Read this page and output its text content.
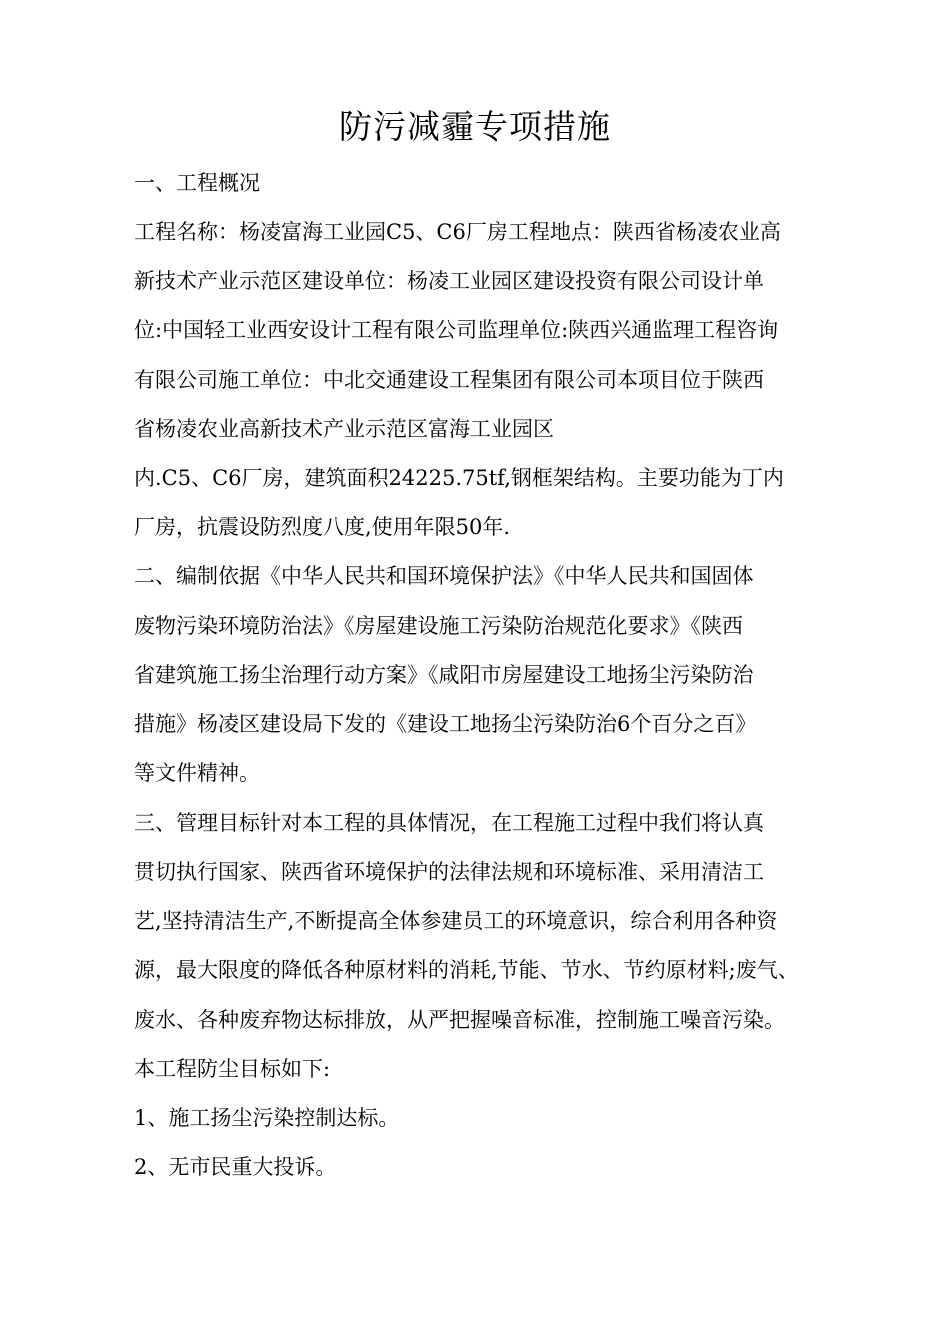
防污减霾专项措施
一、工程概况
工程名称：杨凌富海工业园C5、C6厂房工程地点：陕西省杨凌农业高
新技术产业示范区建设单位：杨凌工业园区建设投资有限公司设计单
位:中国轻工业西安设计工程有限公司监理单位:陕西兴通监理工程咨询
有限公司施工单位：中北交通建设工程集团有限公司本项目位于陕西
省杨凌农业高新技术产业示范区富海工业园区
内.C5、C6厂房，建筑面积24225.75tf,钢框架结构。主要功能为丁内
厂房，抗震设防烈度八度,使用年限50年.
二、编制依据《中华人民共和国环境保护法》《中华人民共和国固体
废物污染环境防治法》《房屋建设施工污染防治规范化要求》《陕西
省建筑施工扬尘治理行动方案》《咸阳市房屋建设工地扬尘污染防治
措施》杨凌区建设局下发的《建设工地扬尘污染防治6个百分之百》
等文件精神。
三、管理目标针对本工程的具体情况，在工程施工过程中我们将认真
贯切执行国家、陕西省环境保护的法律法规和环境标准、采用清洁工
艺,坚持清洁生产,不断提高全体参建员工的环境意识，综合利用各种资
源，最大限度的降低各种原材料的消耗,节能、节水、节约原材料;废气、
废水、各种废弃物达标排放，从严把握噪音标准，控制施工噪音污染。
本工程防尘目标如下:
1、施工扬尘污染控制达标。
2、无市民重大投诉。
